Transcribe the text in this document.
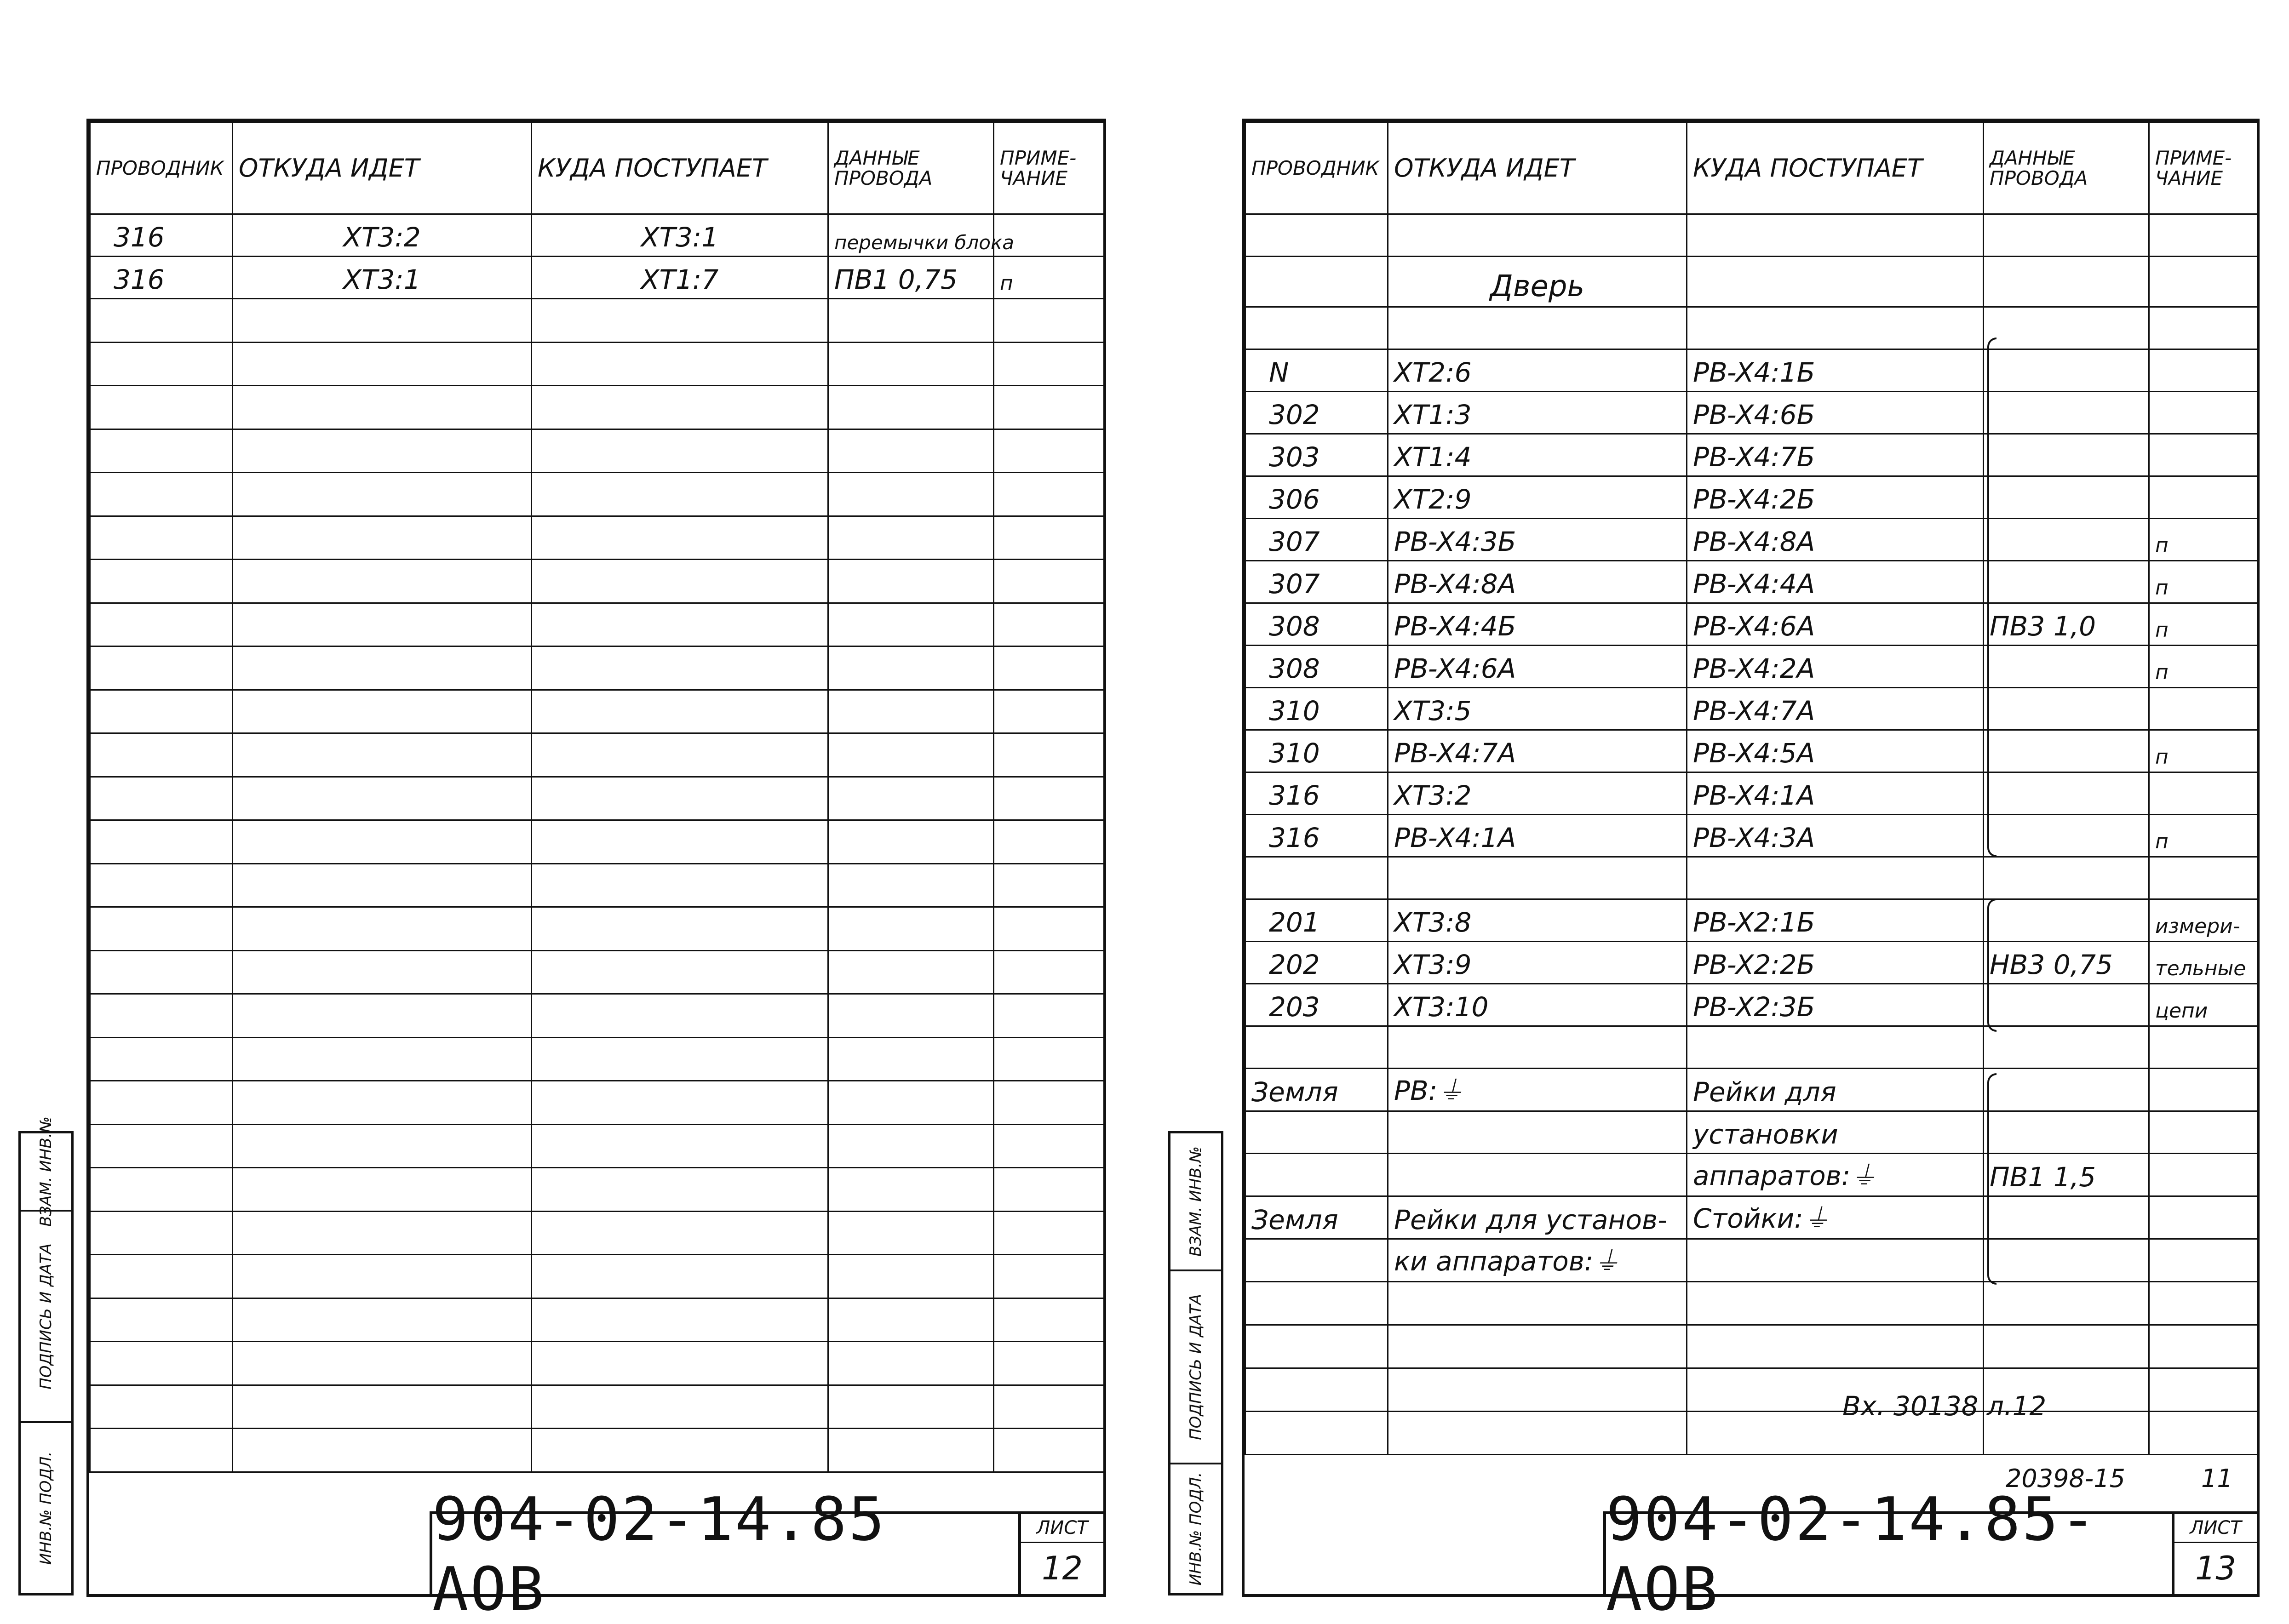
ПРОВОДНИК	ОТКУДА ИДЕТ	КУДА ПОСТУПАЕТ	ДАННЫЕ ПРОВОДА	ПРИМЕ-ЧАНИЕ
316	XT3:2	XT3:1	перемычки блока	
316	XT3:1	XT1:7	ПВ1 0,75	п

904-02-14.85 АОВ
ЛИСТ
12
ВЗАМ. ИНВ.№
ПОДПИСЬ И ДАТА
ИНВ.№ ПОДЛ.
ПРОВОДНИК	ОТКУДА ИДЕТ	КУДА ПОСТУПАЕТ	ДАННЫЕ ПРОВОДА	ПРИМЕ-ЧАНИЕ

	Дверь			

N	XT2:6	PB-X4:1Б		
302	XT1:3	PB-X4:6Б		
303	XT1:4	PB-X4:7Б		
306	XT2:9	PB-X4:2Б		
307	PB-X4:3Б	PB-X4:8A		п
307	PB-X4:8A	PB-X4:4A		п
308	PB-X4:4Б	PB-X4:6A	ПВ3 1,0	п
308	PB-X4:6A	PB-X4:2A		п
310	XT3:5	PB-X4:7A		
310	PB-X4:7A	PB-X4:5A		п
316	XT3:2	PB-X4:1A		
316	PB-X4:1A	PB-X4:3A		п

201	XT3:8	PB-X2:1Б		измери-
202	XT3:9	PB-X2:2Б	НВ3 0,75	тельные
203	XT3:10	PB-X2:3Б		цепи

Земля	PB:⏚	Рейки для		
		установки		
		аппаратов:⏚	ПВ1 1,5	
Земля	Рейки для установ-	Стойки:⏚		
	ки аппаратов:⏚			

Вх. 30138 л.12
20398-15	11
904-02-14.85-АОВ
ЛИСТ
13
ВЗАМ. ИНВ.№
ПОДПИСЬ И ДАТА
ИНВ.№ ПОДЛ.
